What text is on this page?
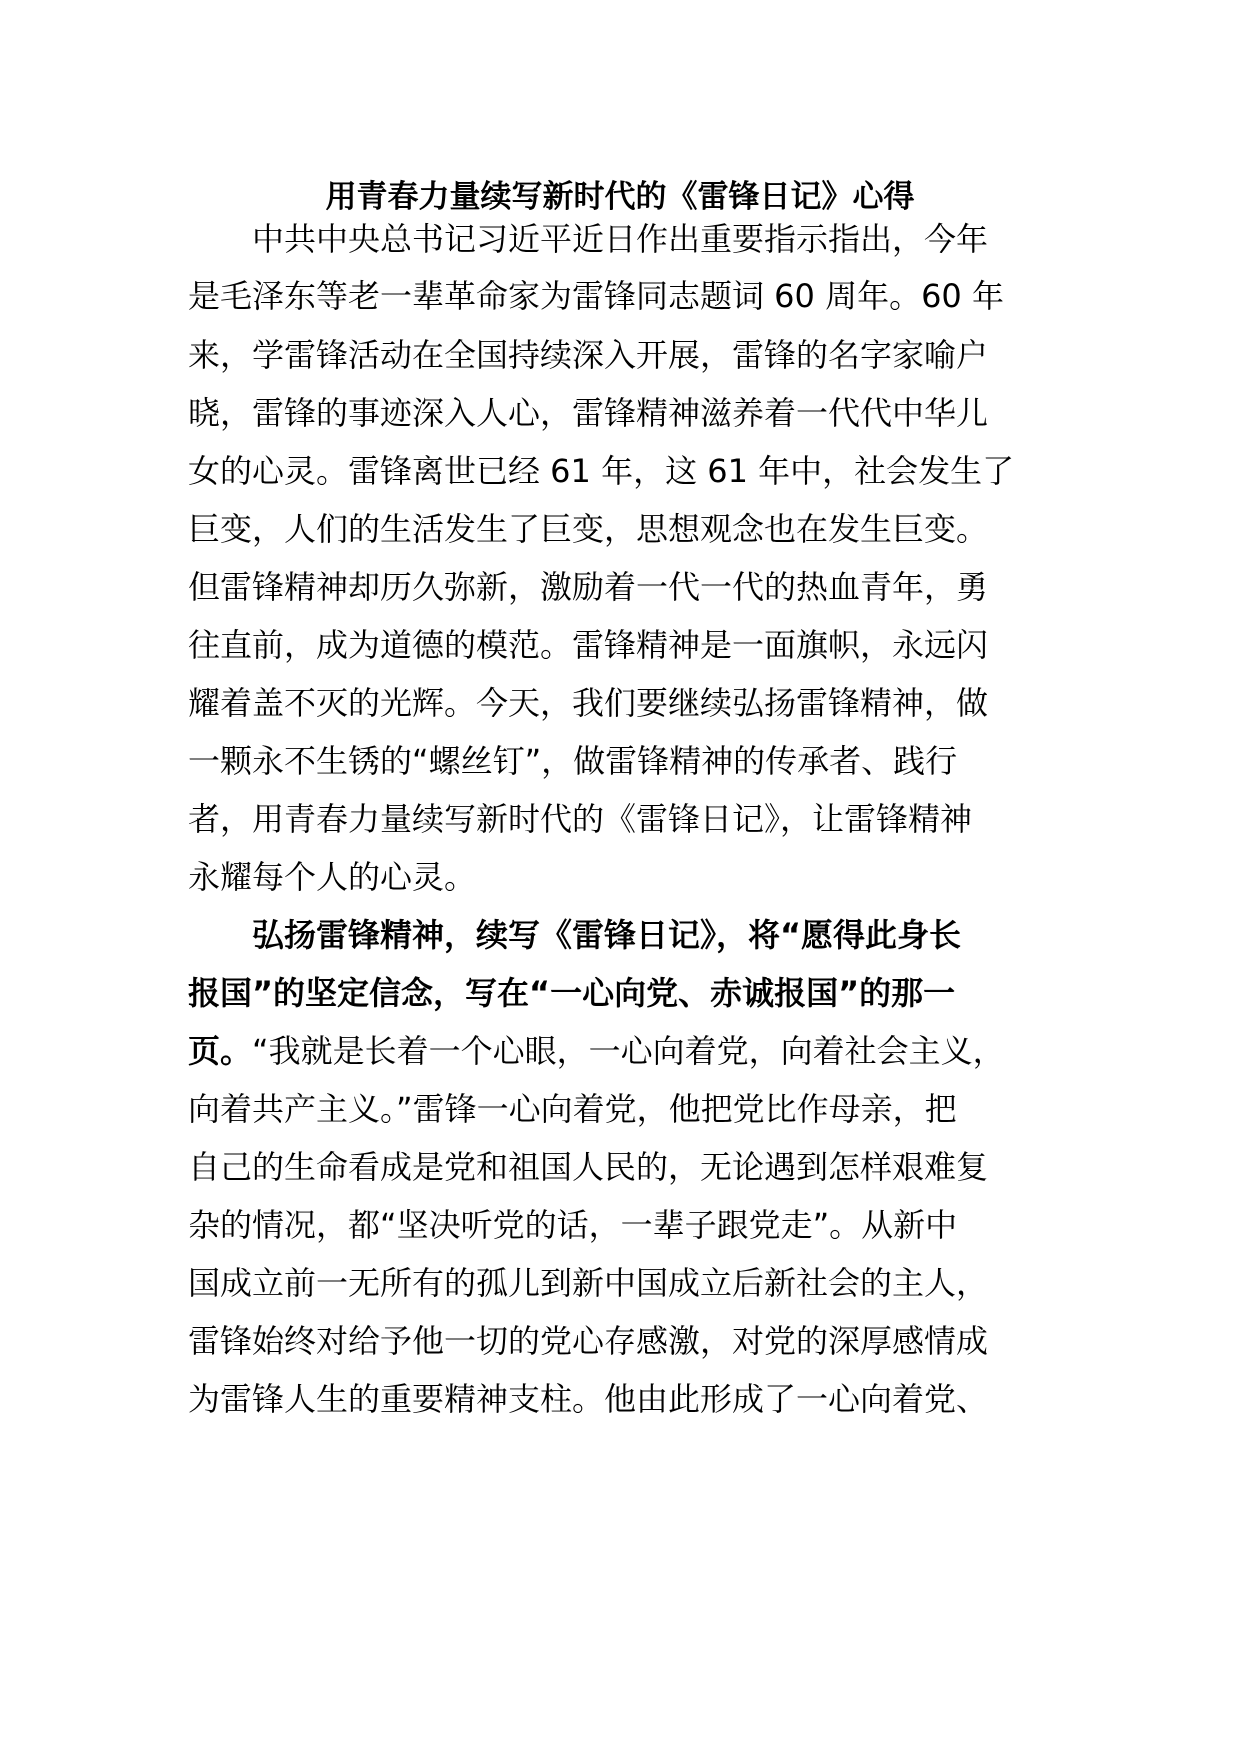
用青春力量续写新时代的《雷锋日记》心得

中共中央总书记习近平近日作出重要指示指出，今年

是毛泽东等老一辈革命家为雷锋同志题词 60 周年。60 年

来，学雷锋活动在全国持续深入开展，雷锋的名字家喻户

晓，雷锋的事迹深入人心，雷锋精神滋养着一代代中华儿

女的心灵。雷锋离世已经 61 年，这 61 年中，社会发生了

巨变，人们的生活发生了巨变，思想观念也在发生巨变。

但雷锋精神却历久弥新，激励着一代一代的热血青年，勇

往直前，成为道德的模范。雷锋精神是一面旗帜，永远闪

耀着盖不灭的光辉。今天，我们要继续弘扬雷锋精神，做

一颗永不生锈的“螺丝钉”，做雷锋精神的传承者、践行

者，用青春力量续写新时代的《雷锋日记》，让雷锋精神

永耀每个人的心灵。

弘扬雷锋精神，续写《雷锋日记》，将“愿得此身长

报国”的坚定信念，写在“一心向党、赤诚报国”的那一

页。“我就是长着一个心眼，一心向着党，向着社会主义，

向着共产主义。”雷锋一心向着党，他把党比作母亲，把

自己的生命看成是党和祖国人民的，无论遇到怎样艰难复

杂的情况，都“坚决听党的话，一辈子跟党走”。从新中

国成立前一无所有的孤儿到新中国成立后新社会的主人，

雷锋始终对给予他一切的党心存感激，对党的深厚感情成

为雷锋人生的重要精神支柱。他由此形成了一心向着党、
